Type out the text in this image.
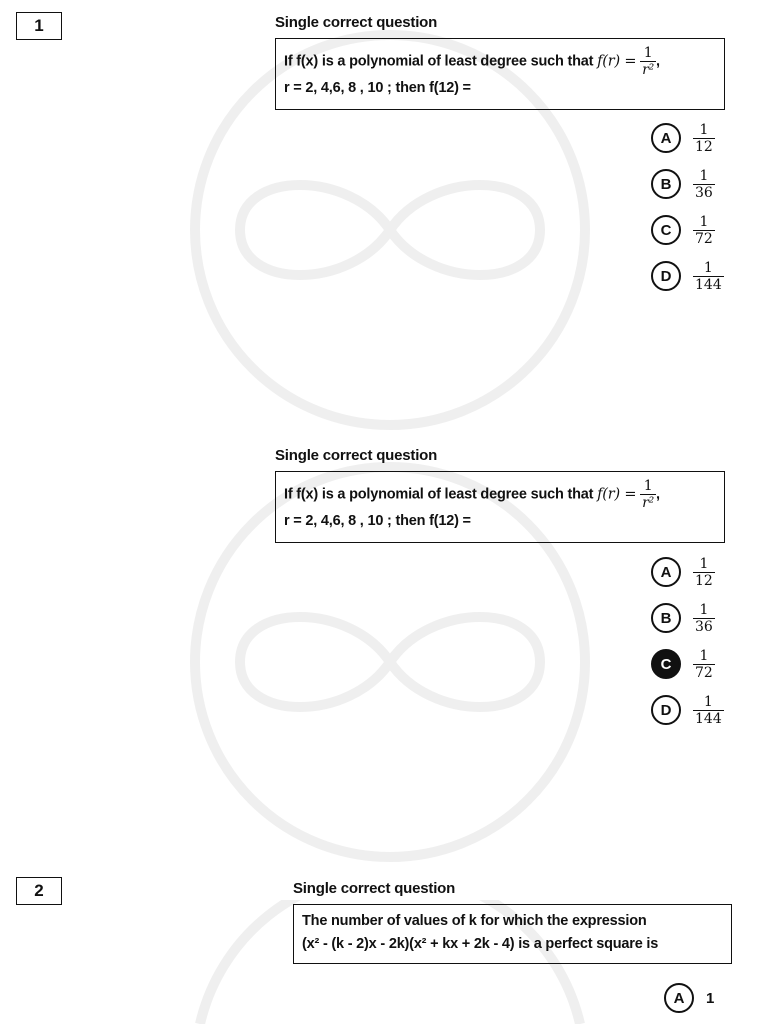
1	Single correct question
If f(x) is a polynomial of least degree such that $f(r) = \frac{1}{\text{r²}}$ ,
r = 2, 4,6, 8 , 10 ; then f(12) =
A	$\frac{1}{12}$
B	$\frac{1}{36}$
C	$\frac{1}{72}$
D	$\frac{1}{144}$
Single correct question
If f(x) is a polynomial of least degree such that $f(r) = \frac{1}{\text{r²}}$ ,
r = 2, 4,6, 8 , 10 ; then f(12) =
A	$\frac{1}{12}$
B	$\frac{1}{36}$
C	$\frac{1}{72}$
D	$\frac{1}{144}$
2	Single correct question
The number of values of k for which the expression
(x² - (k - 2)x - 2k)(x² + kx + 2k - 4) is a perfect square is
A	1
